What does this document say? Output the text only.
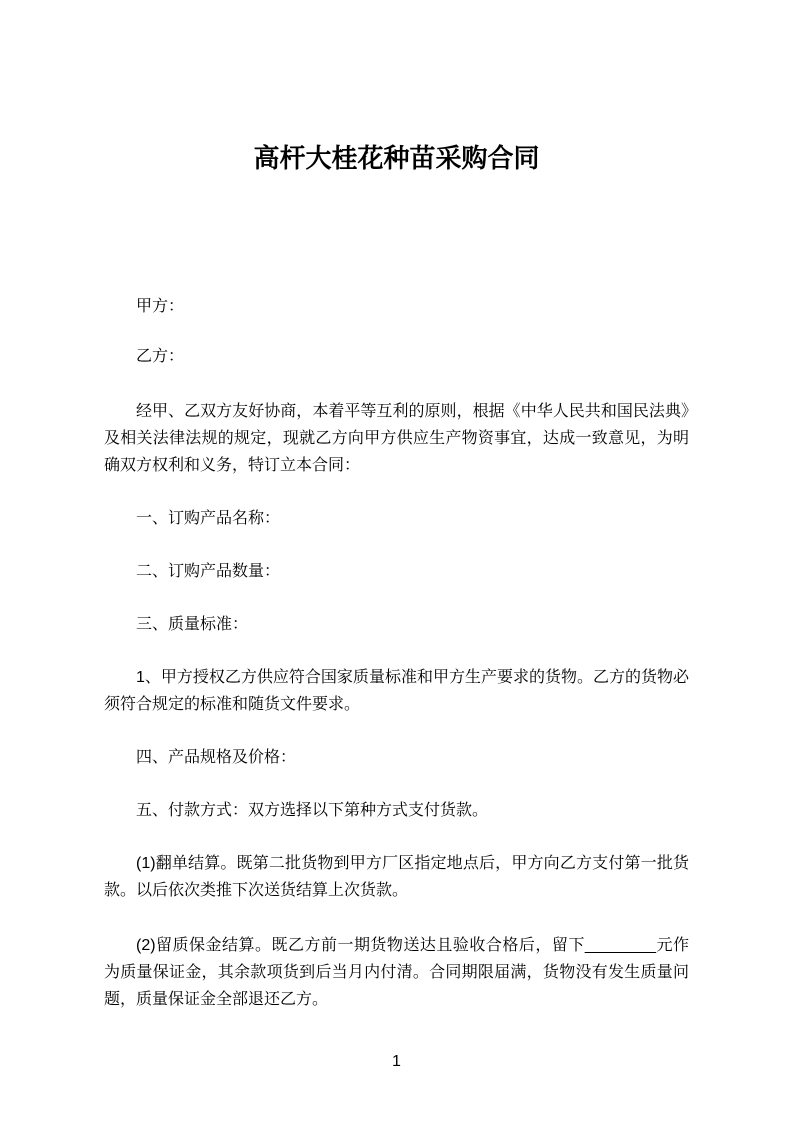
高杆大桂花种苗采购合同

甲方：

乙方：

经甲、乙双方友好协商，本着平等互利的原则，根据《中华人民共和国民法典》及相关法律法规的规定，现就乙方向甲方供应生产物资事宜，达成一致意见，为明确双方权利和义务，特订立本合同：

一、订购产品名称：

二、订购产品数量：

三、质量标准：

1、甲方授权乙方供应符合国家质量标准和甲方生产要求的货物。乙方的货物必须符合规定的标准和随货文件要求。

四、产品规格及价格：

五、付款方式：双方选择以下第种方式支付货款。

(1)翻单结算。既第二批货物到甲方厂区指定地点后，甲方向乙方支付第一批货款。以后依次类推下次送货结算上次货款。

(2)留质保金结算。既乙方前一期货物送达且验收合格后，留下________元作为质量保证金，其余款项货到后当月内付清。合同期限届满，货物没有发生质量问题，质量保证金全部退还乙方。

1
